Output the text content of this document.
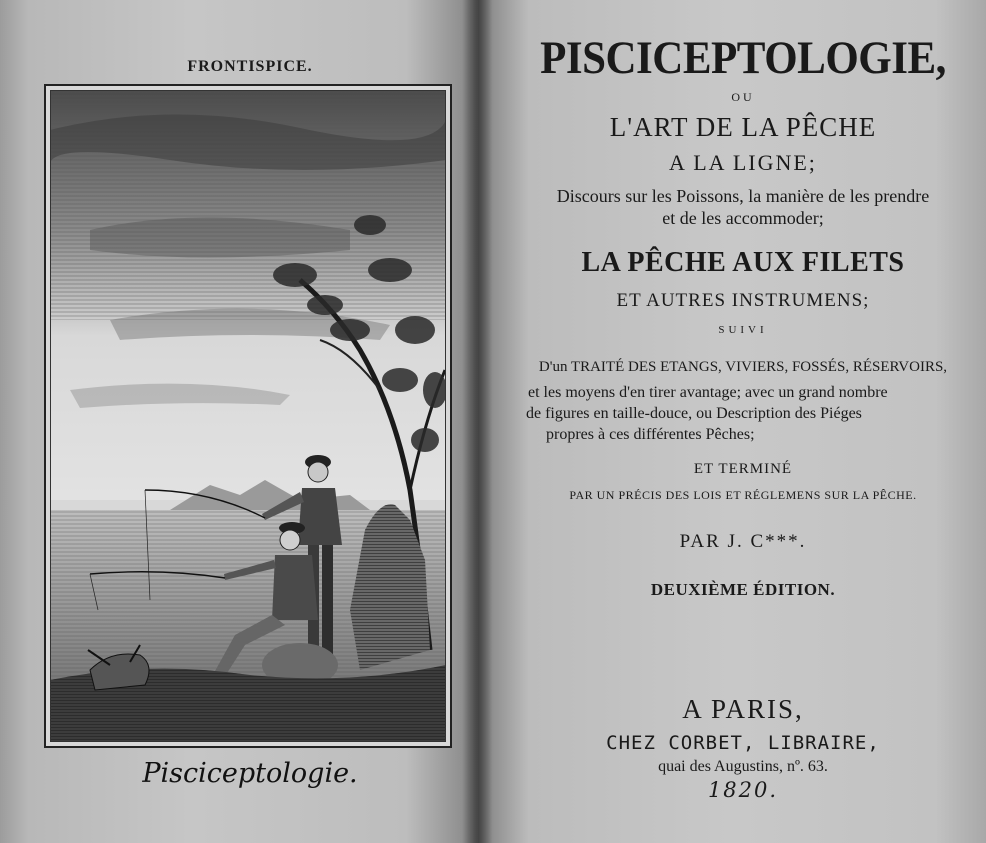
FRONTISPICE.
Pisciceptologie.
PISCICEPTOLOGIE,
OU
L'ART DE LA PÊCHE
A LA LIGNE;
Discours sur les Poissons, la manière de les prendre
et de les accommoder;
LA PÊCHE AUX FILETS
ET AUTRES INSTRUMENS;
SUIVI
D'un TRAITÉ DES ETANGS, VIVIERS, FOSSÉS, RÉSERVOIRS,
et les moyens d'en tirer avantage; avec un grand nombre
de figures en taille-douce, ou Description des Piéges
propres à ces différentes Pêches;
ET TERMINÉ
PAR UN PRÉCIS DES LOIS ET RÉGLEMENS SUR LA PÊCHE.
PAR J. C***.
DEUXIÈME ÉDITION.
A PARIS,
CHEZ CORBET, LIBRAIRE,
quai des Augustins, nº. 63.
1820.
